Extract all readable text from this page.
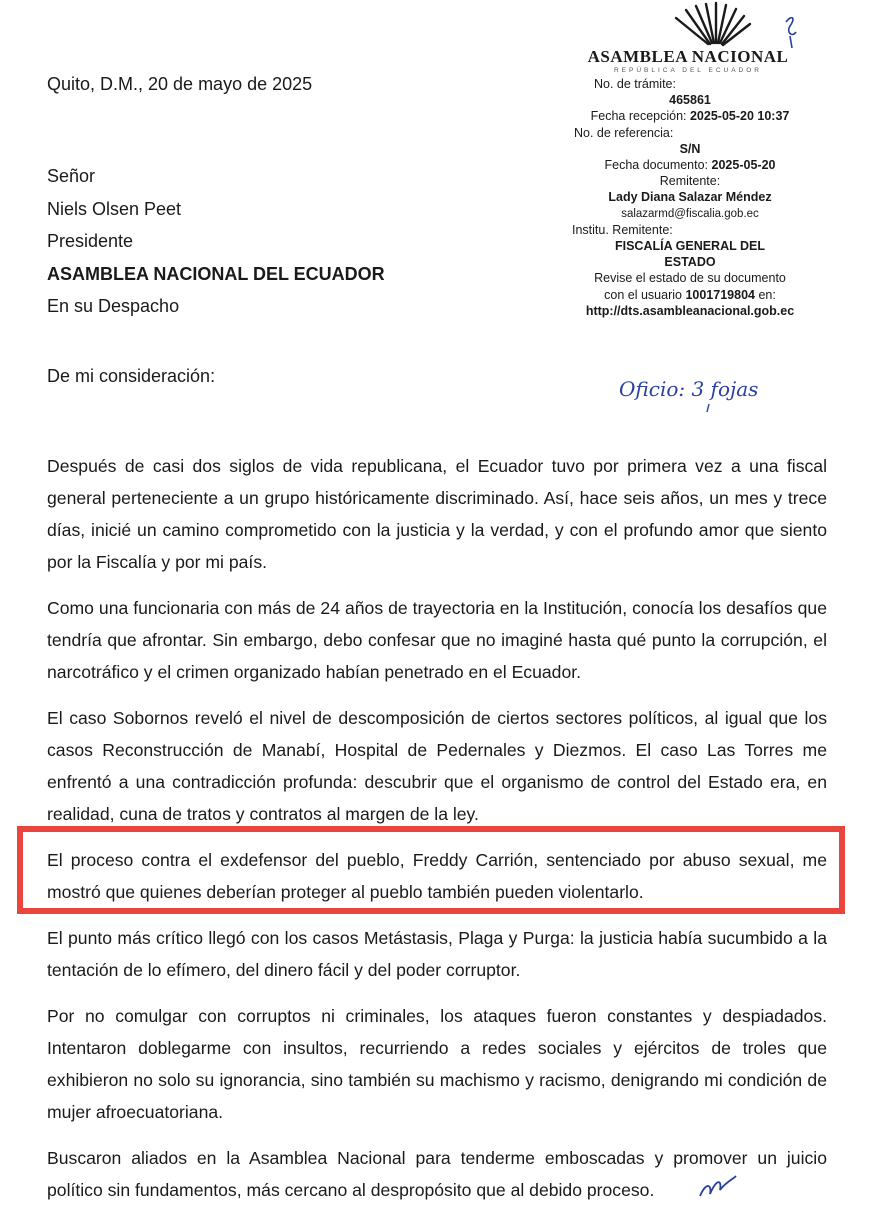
Quito, D.M., 20 de mayo de 2025
Señor
Niels Olsen Peet
Presidente
ASAMBLEA NACIONAL DEL ECUADOR
En su Despacho
De mi consideración:
ASAMBLEA NACIONAL
REPÚBLICA DEL ECUADOR
No. de trámite:
465861
Fecha recepción: 2025-05-20 10:37
No. de referencia:
S/N
Fecha documento: 2025-05-20
Remitente:
Lady Diana Salazar Méndez
salazarmd@fiscalia.gob.ec
Institu. Remitente:
FISCALÍA GENERAL DEL ESTADO
Revise el estado de su documento
con el usuario 1001719804 en:
http://dts.asambleanacional.gob.ec
Oficio: 3 fojas

Después de casi dos siglos de vida republicana, el Ecuador tuvo por primera vez a una fiscal general perteneciente a un grupo históricamente discriminado. Así, hace seis años, un mes y trece días, inicié un camino comprometido con la justicia y la verdad, y con el profundo amor que siento por la Fiscalía y por mi país.

Como una funcionaria con más de 24 años de trayectoria en la Institución, conocía los desafíos que tendría que afrontar. Sin embargo, debo confesar que no imaginé hasta qué punto la corrupción, el narcotráfico y el crimen organizado habían penetrado en el Ecuador.

El caso Sobornos reveló el nivel de descomposición de ciertos sectores políticos, al igual que los casos Reconstrucción de Manabí, Hospital de Pedernales y Diezmos. El caso Las Torres me enfrentó a una contradicción profunda: descubrir que el organismo de control del Estado era, en realidad, cuna de tratos y contratos al margen de la ley.

El proceso contra el exdefensor del pueblo, Freddy Carrión, sentenciado por abuso sexual, me mostró que quienes deberían proteger al pueblo también pueden violentarlo.

El punto más crítico llegó con los casos Metástasis, Plaga y Purga: la justicia había sucumbido a la tentación de lo efímero, del dinero fácil y del poder corruptor.

Por no comulgar con corruptos ni criminales, los ataques fueron constantes y despiadados. Intentaron doblegarme con insultos, recurriendo a redes sociales y ejércitos de troles que exhibieron no solo su ignorancia, sino también su machismo y racismo, denigrando mi condición de mujer afroecuatoriana.

Buscaron aliados en la Asamblea Nacional para tenderme emboscadas y promover un juicio político sin fundamentos, más cercano al despropósito que al debido proceso.
